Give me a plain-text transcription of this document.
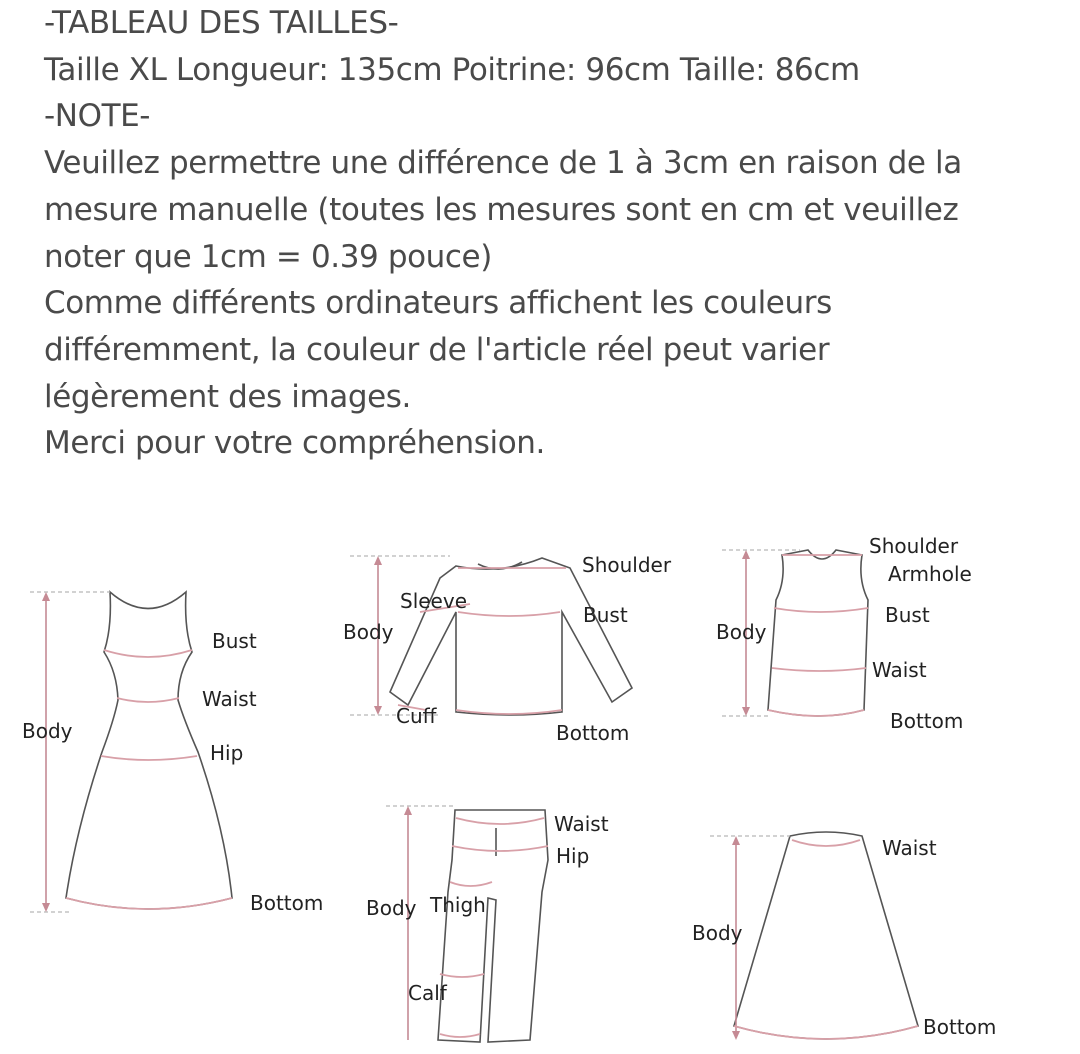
-TABLEAU DES TAILLES-
Taille XL Longueur: 135cm Poitrine: 96cm Taille: 86cm
-NOTE-
Veuillez permettre une différence de 1 à 3cm en raison de la
mesure manuelle (toutes les mesures sont en cm et veuillez
noter que 1cm = 0.39 pouce)
Comme différents ordinateurs affichent les couleurs
différemment, la couleur de l'article réel peut varier
légèrement des images.
Merci pour votre compréhension.
Bust
Waist
Body
Hip
Bottom
Shoulder
Sleeve
Bust
Body
Cuff
Bottom
Shoulder
Armhole
Bust
Body
Waist
Bottom
Waist
Hip
Body Thigh
Calf
Waist
Body
Bottom
